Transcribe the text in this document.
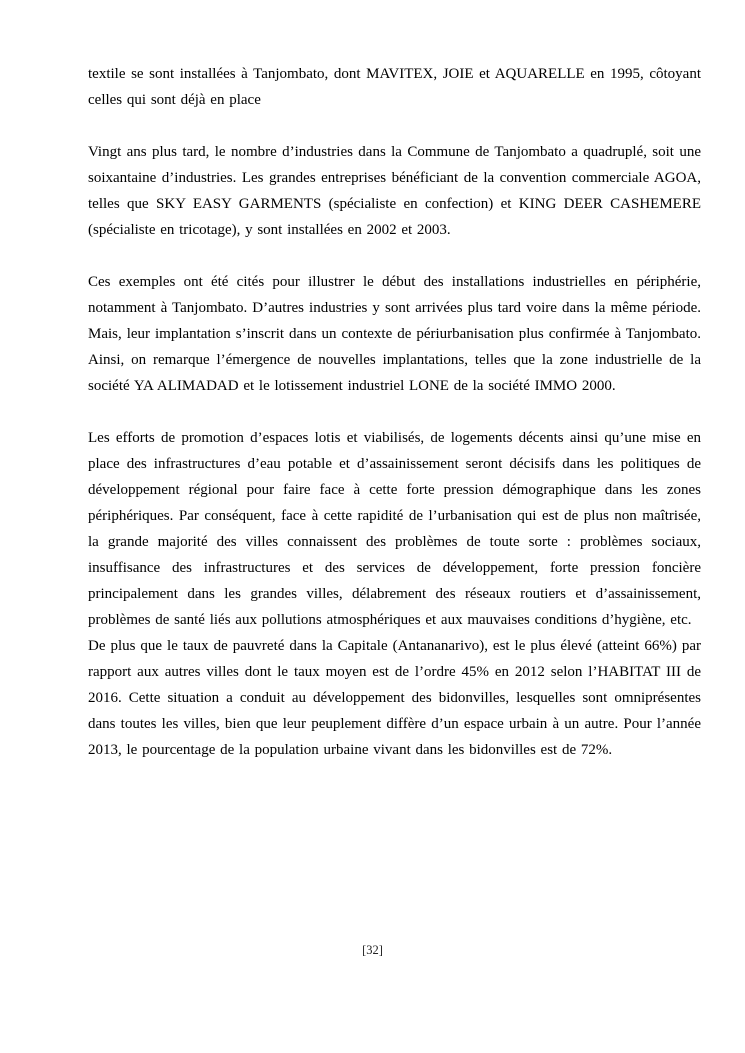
textile se sont installées à Tanjombato, dont MAVITEX, JOIE et AQUARELLE en 1995, côtoyant celles qui sont déjà en place

Vingt ans plus tard, le nombre d’industries dans la Commune de Tanjombato a quadruplé, soit une soixantaine d’industries. Les grandes entreprises bénéficiant de la convention commerciale AGOA, telles que SKY EASY GARMENTS (spécialiste en confection) et KING DEER CASHEMERE (spécialiste en tricotage), y sont installées en 2002 et 2003.

Ces exemples ont été cités pour illustrer le début des installations industrielles en périphérie, notamment à Tanjombato. D’autres industries y sont arrivées plus tard voire dans la même période. Mais, leur implantation s’inscrit dans un contexte de périurbanisation plus confirmée à Tanjombato. Ainsi, on remarque l’émergence de nouvelles implantations, telles que la zone industrielle de la société YA ALIMADAD et le lotissement industriel LONE de la société IMMO 2000.

Les efforts de promotion d’espaces lotis et viabilisés, de logements décents ainsi qu’une mise en place des infrastructures d’eau potable et d’assainissement seront décisifs dans les politiques de développement régional pour faire face à cette forte pression démographique dans les zones périphériques. Par conséquent, face à cette rapidité de l’urbanisation qui est de plus non maîtrisée, la grande majorité des villes connaissent des problèmes de toute sorte : problèmes sociaux, insuffisance des infrastructures et des services de développement, forte pression foncière principalement dans les grandes villes, délabrement des réseaux routiers et d’assainissement, problèmes de santé liés aux pollutions atmosphériques et aux mauvaises conditions d’hygiène, etc.

De plus que le taux de pauvreté dans la Capitale (Antananarivo), est le plus élevé (atteint 66%) par rapport aux autres villes dont le taux moyen est de l’ordre 45% en 2012 selon l’HABITAT III de 2016. Cette situation a conduit au développement des bidonvilles, lesquelles sont omniprésentes dans toutes les villes, bien que leur peuplement diffère d’un espace urbain à un autre. Pour l’année 2013, le pourcentage de la population urbaine vivant dans les bidonvilles est de 72%.

[32]
